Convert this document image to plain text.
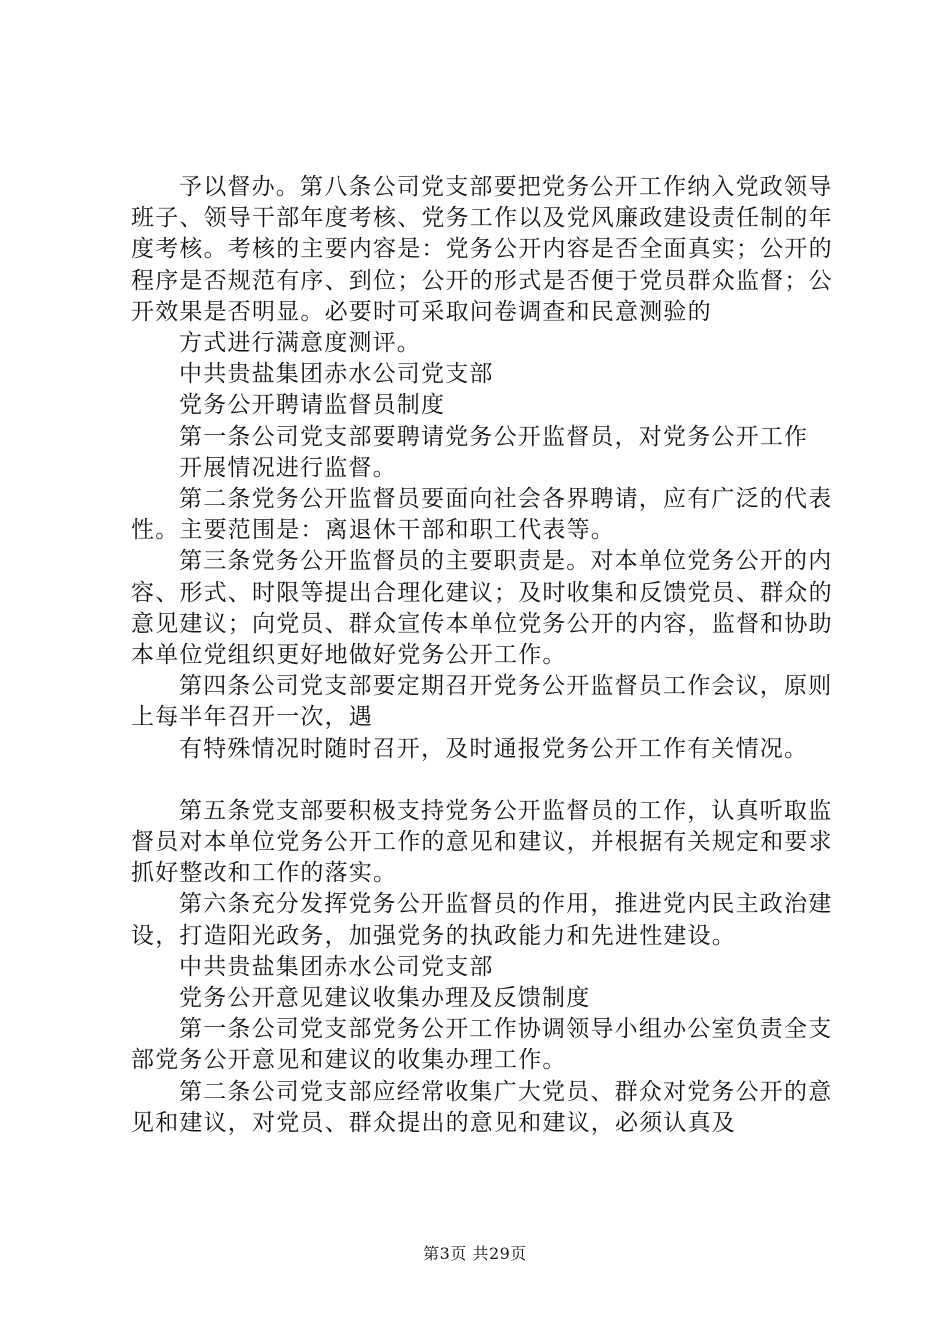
予以督办。第八条公司党支部要把党务公开工作纳入党政领导班子、领导干部年度考核、党务工作以及党风廉政建设责任制的年度考核。考核的主要内容是：党务公开内容是否全面真实；公开的程序是否规范有序、到位；公开的形式是否便于党员群众监督；公开效果是否明显。必要时可采取问卷调查和民意测验的

方式进行满意度测评。

中共贵盐集团赤水公司党支部

党务公开聘请监督员制度

第一条公司党支部要聘请党务公开监督员，对党务公开工作

开展情况进行监督。

第二条党务公开监督员要面向社会各界聘请，应有广泛的代表性。主要范围是：离退休干部和职工代表等。

第三条党务公开监督员的主要职责是。对本单位党务公开的内容、形式、时限等提出合理化建议；及时收集和反馈党员、群众的意见建议；向党员、群众宣传本单位党务公开的内容，监督和协助本单位党组织更好地做好党务公开工作。

第四条公司党支部要定期召开党务公开监督员工作会议，原则上每半年召开一次，遇

有特殊情况时随时召开，及时通报党务公开工作有关情况。

第五条党支部要积极支持党务公开监督员的工作，认真听取监督员对本单位党务公开工作的意见和建议，并根据有关规定和要求抓好整改和工作的落实。

第六条充分发挥党务公开监督员的作用，推进党内民主政治建设，打造阳光政务，加强党务的执政能力和先进性建设。

中共贵盐集团赤水公司党支部

党务公开意见建议收集办理及反馈制度

第一条公司党支部党务公开工作协调领导小组办公室负责全支部党务公开意见和建议的收集办理工作。

第二条公司党支部应经常收集广大党员、群众对党务公开的意见和建议，对党员、群众提出的意见和建议，必须认真及

第3页 共29页
